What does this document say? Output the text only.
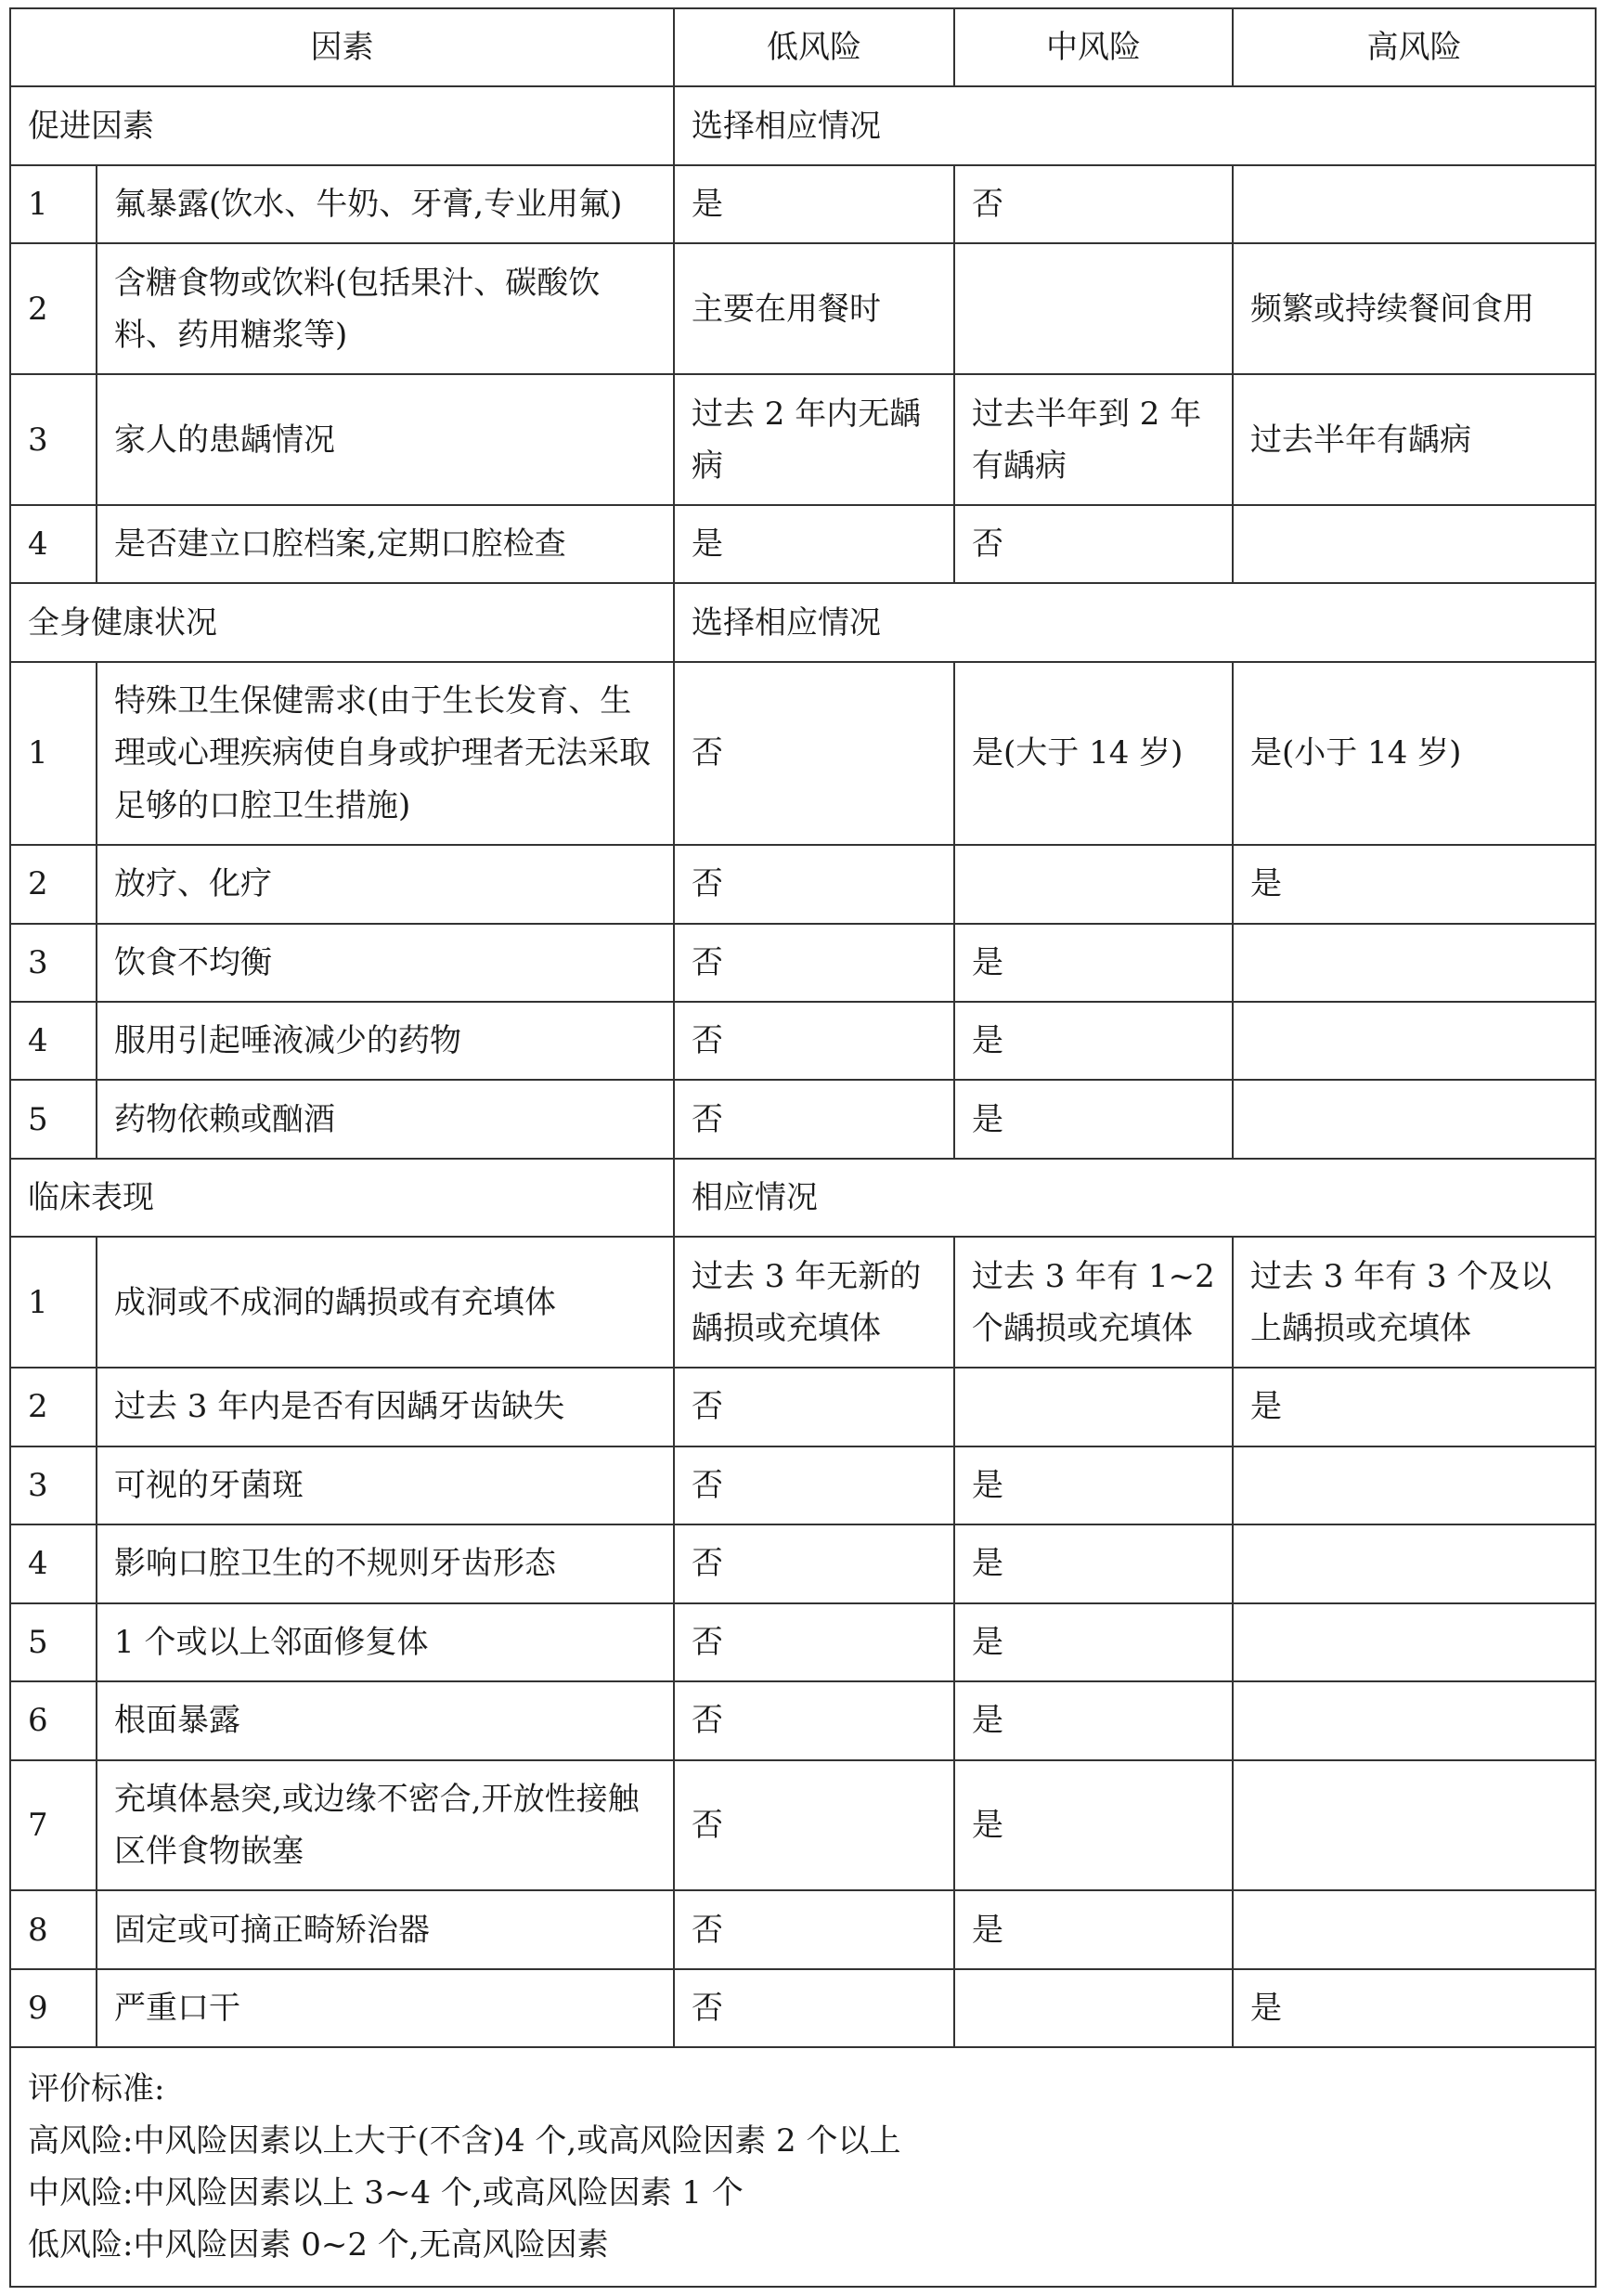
因素		低风险	中风险	高风险
促进因素		选择相应情况		
1	氟暴露(饮水、牛奶、牙膏,专业用氟)	是	否	
2	含糖食物或饮料(包括果汁、碳酸饮料、药用糖浆等)	主要在用餐时		频繁或持续餐间食用
3	家人的患龋情况	过去 2 年内无龋病	过去半年到 2 年有龋病	过去半年有龋病
4	是否建立口腔档案,定期口腔检查	是	否	
全身健康状况		选择相应情况		
1	特殊卫生保健需求(由于生长发育、生理或心理疾病使自身或护理者无法采取足够的口腔卫生措施)	否	是(大于 14 岁)	是(小于 14 岁)
2	放疗、化疗	否		是
3	饮食不均衡	否	是	
4	服用引起唾液减少的药物	否	是	
5	药物依赖或酗酒	否	是	
临床表现		相应情况		
1	成洞或不成洞的龋损或有充填体	过去 3 年无新的龋损或充填体	过去 3 年有 1~2 个龋损或充填体	过去 3 年有 3 个及以上龋损或充填体
2	过去 3 年内是否有因龋牙齿缺失	否		是
3	可视的牙菌斑	否	是	
4	影响口腔卫生的不规则牙齿形态	否	是	
5	1 个或以上邻面修复体	否	是	
6	根面暴露	否	是	
7	充填体悬突,或边缘不密合,开放性接触区伴食物嵌塞	否	是	
8	固定或可摘正畸矫治器	否	是	
9	严重口干	否		是

评价标准:
高风险:中风险因素以上大于(不含)4 个,或高风险因素 2 个以上
中风险:中风险因素以上 3~4 个,或高风险因素 1 个
低风险:中风险因素 0~2 个,无高风险因素				
